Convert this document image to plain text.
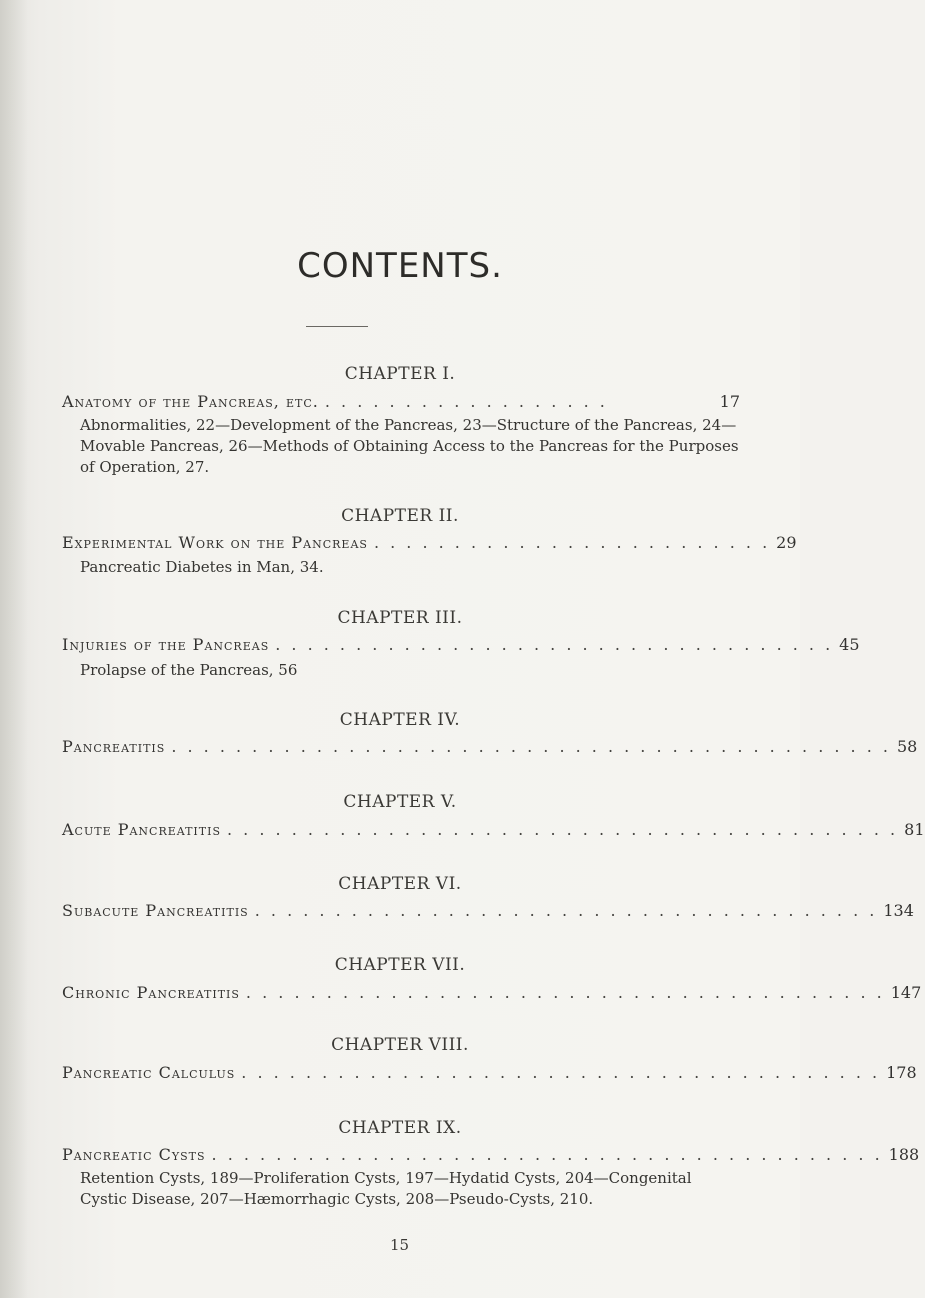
CONTENTS.
CHAPTER I.
Anatomy of the Pancreas, etc. . . . . . . . . . . . . . . . . . .	17
Abnormalities, 22—Development of the Pancreas, 23—Structure of the Pancreas, 24—Movable Pancreas, 26—Methods of Obtaining Access to the Pancreas for the Purposes of Operation, 27.
CHAPTER II.
Experimental Work on the Pancreas . . . . . . . . . . . . . . . . . . . . . . . . . 29
Pancreatic Diabetes in Man, 34.
CHAPTER III.
Injuries of the Pancreas . . . . . . . . . . . . . . . . . . . . . . . . . . . . . . . . . . . 45
Prolapse of the Pancreas, 56
CHAPTER IV.
Pancreatitis . . . . . . . . . . . . . . . . . . . . . . . . . . . . . . . . . . . . . . . . . . . . . 58
CHAPTER V.
Acute Pancreatitis . . . . . . . . . . . . . . . . . . . . . . . . . . . . . . . . . . . . . . . . . . 81
CHAPTER VI.
Subacute Pancreatitis . . . . . . . . . . . . . . . . . . . . . . . . . . . . . . . . . . . . . . . 134
CHAPTER VII.
Chronic Pancreatitis . . . . . . . . . . . . . . . . . . . . . . . . . . . . . . . . . . . . . . . . 147
CHAPTER VIII.
Pancreatic Calculus . . . . . . . . . . . . . . . . . . . . . . . . . . . . . . . . . . . . . . . . 178
CHAPTER IX.
Pancreatic Cysts . . . . . . . . . . . . . . . . . . . . . . . . . . . . . . . . . . . . . . . . . . 188
Retention Cysts, 189—Proliferation Cysts, 197—Hydatid Cysts, 204—Congenital Cystic Disease, 207—Hæmorrhagic Cysts, 208—Pseudo-Cysts, 210.
15
